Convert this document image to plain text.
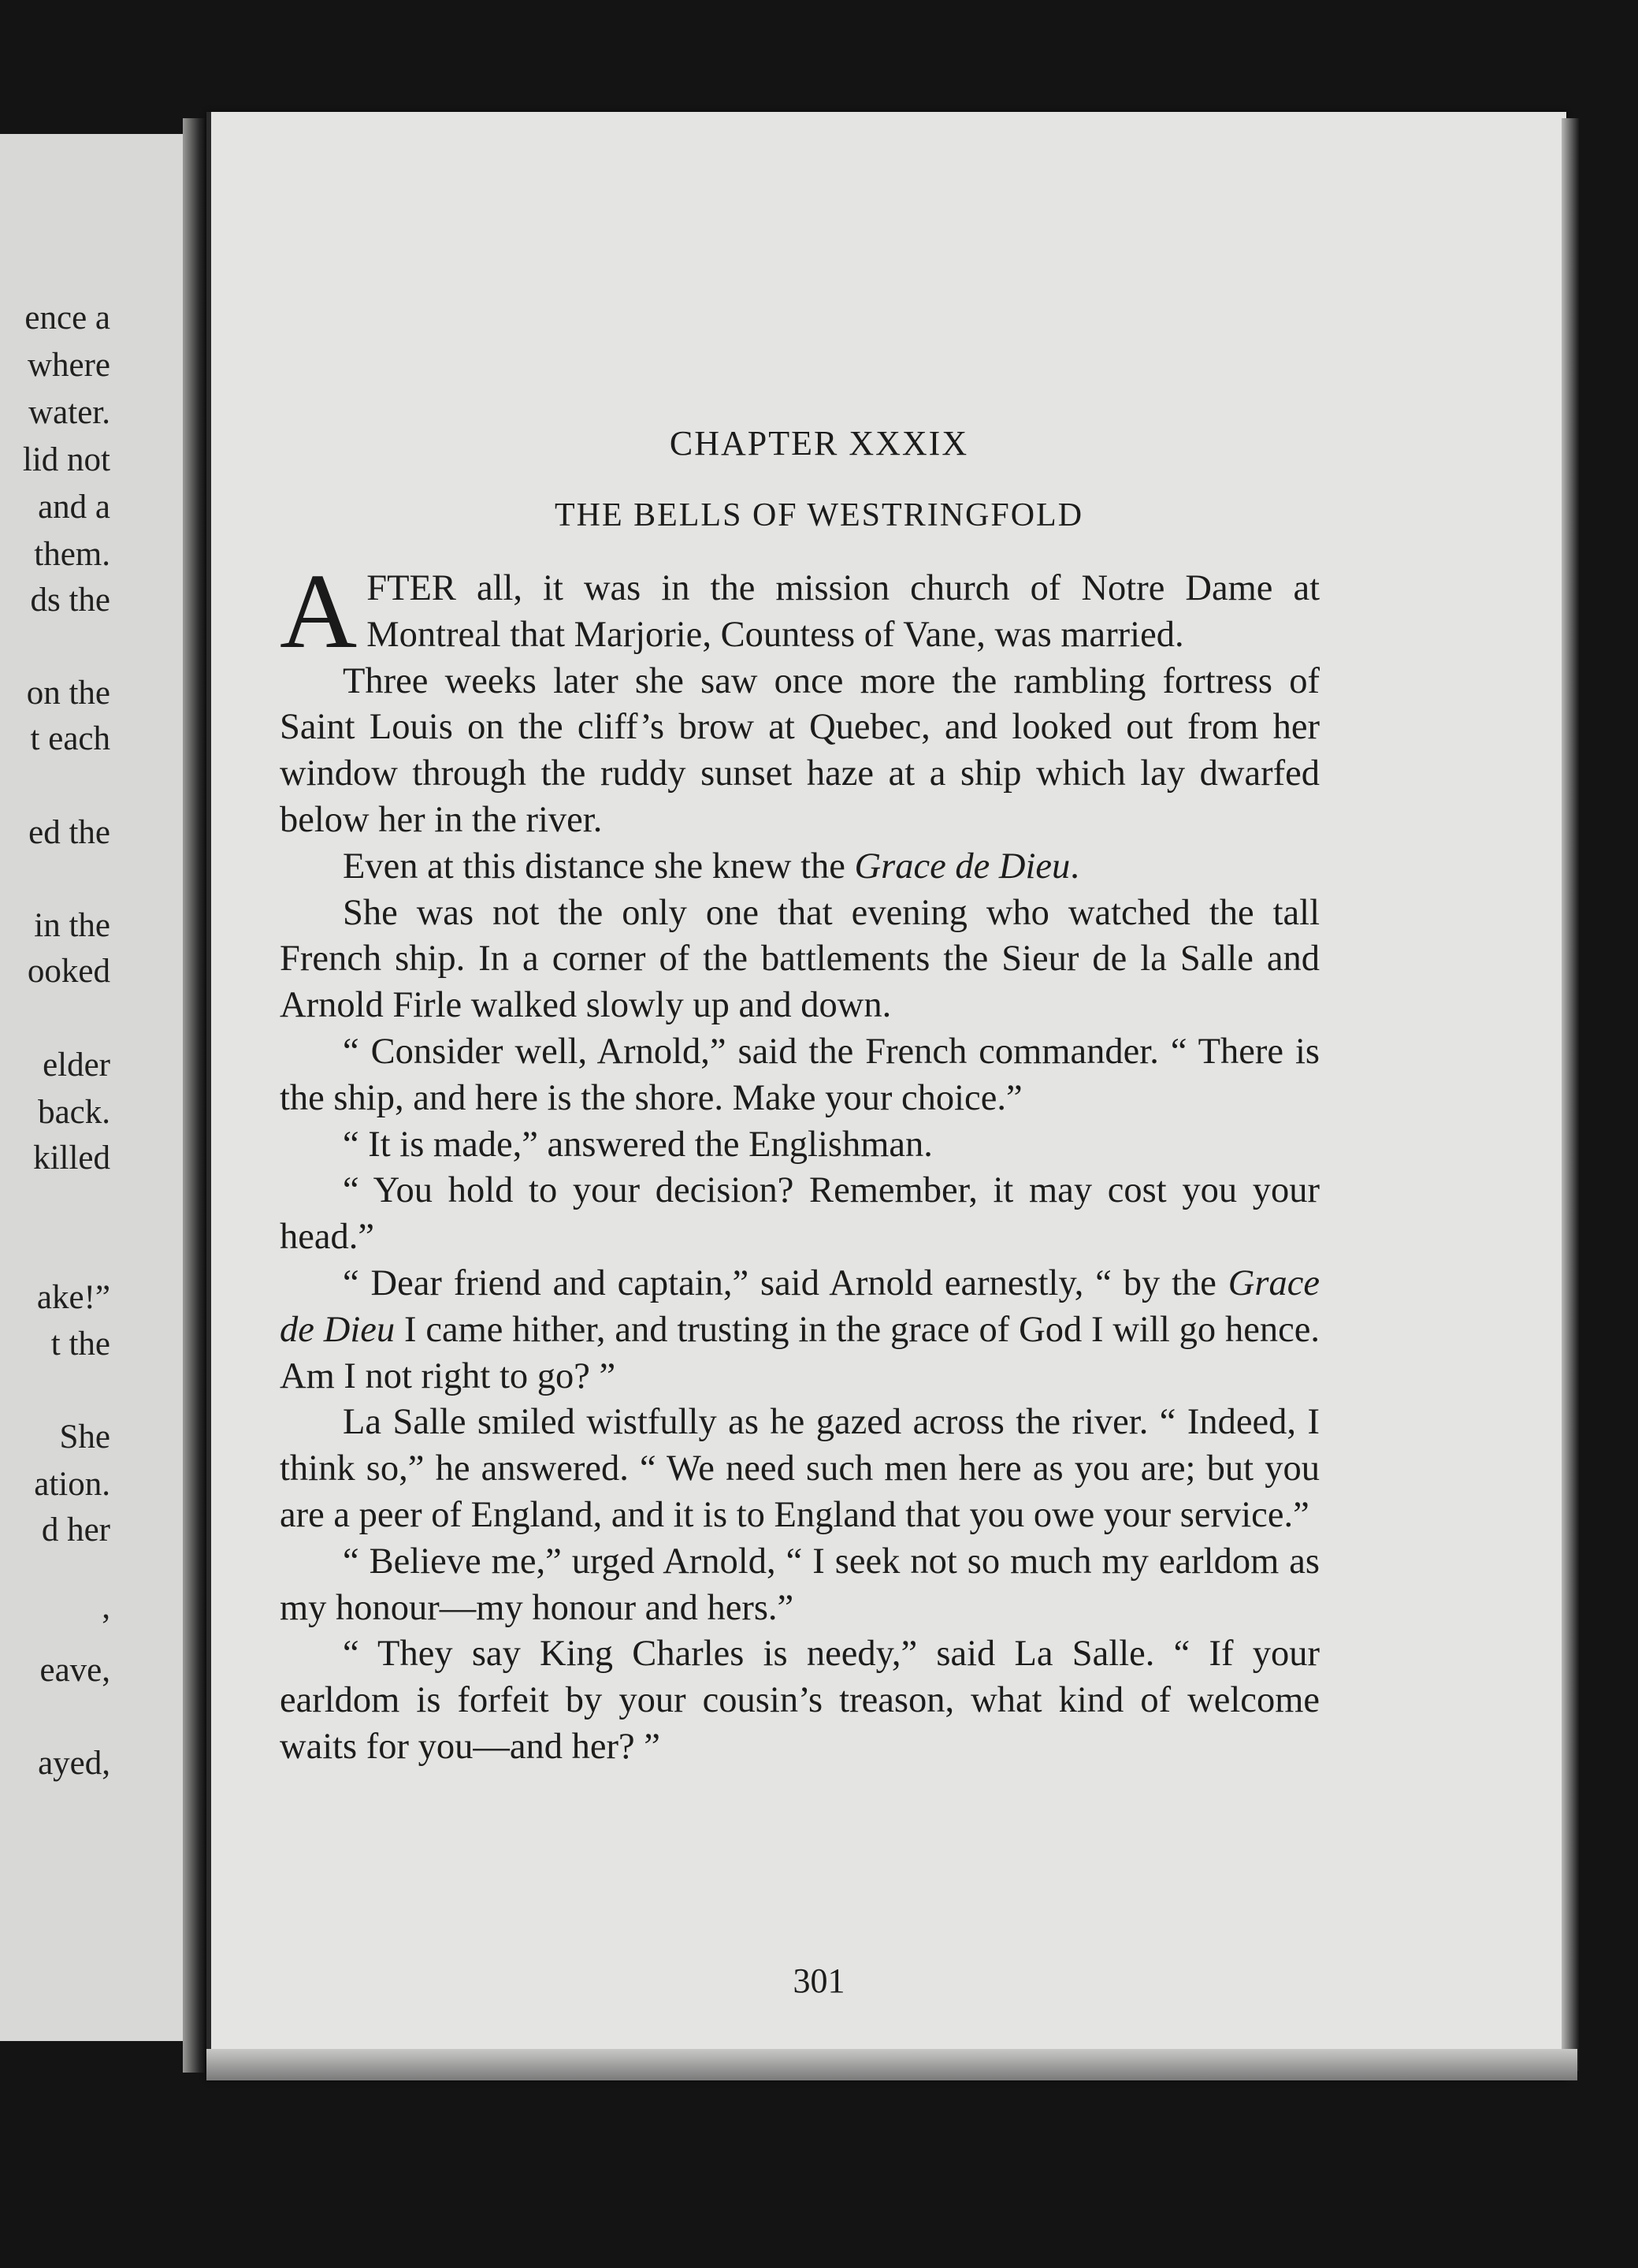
ence a
where
water.
lid not
and a
them.
ds the
on the
t each
ed the
in the
ooked
elder
back.
killed
ake!”
t the
She
ation.
d her
,
eave,
ayed,
CHAPTER XXXIX
THE BELLS OF WESTRINGFOLD

AFTER all, it was in the mission church of Notre Dame at Montreal that Marjorie, Countess of Vane, was married.

Three weeks later she saw once more the rambling fortress of Saint Louis on the cliff’s brow at Quebec, and looked out from her window through the ruddy sunset haze at a ship which lay dwarfed below her in the river.

Even at this distance she knew the Grace de Dieu.

She was not the only one that evening who watched the tall French ship. In a corner of the battlements the Sieur de la Salle and Arnold Firle walked slowly up and down.

“ Consider well, Arnold,” said the French commander. “ There is the ship, and here is the shore. Make your choice.”

“ It is made,” answered the Englishman.

“ You hold to your decision? Remember, it may cost you your head.”

“ Dear friend and captain,” said Arnold earnestly, “ by the Grace de Dieu I came hither, and trusting in the grace of God I will go hence. Am I not right to go? ”

La Salle smiled wistfully as he gazed across the river. “ Indeed, I think so,” he answered. “ We need such men here as you are; but you are a peer of England, and it is to England that you owe your service.”

“ Believe me,” urged Arnold, “ I seek not so much my earldom as my honour—my honour and hers.”

“ They say King Charles is needy,” said La Salle. “ If your earldom is forfeit by your cousin’s treason, what kind of welcome waits for you—and her? ”

301
